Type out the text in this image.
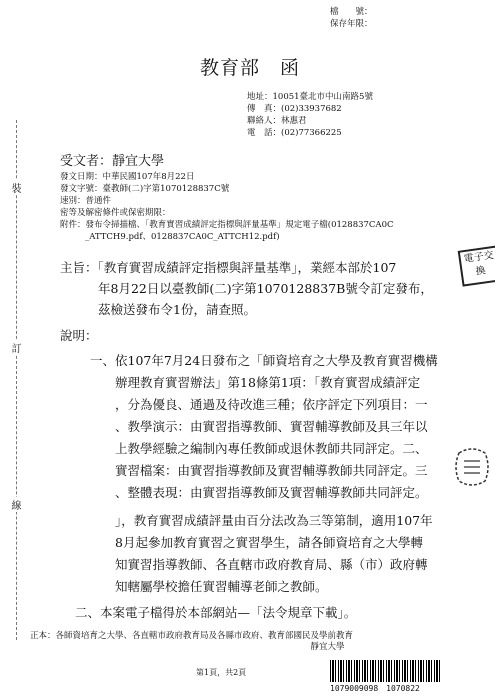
裝
訂
線
檔　　號：
保存年限：
教育部　函
地址：10051臺北市中山南路5號
傳　真：(02)33937682
聯絡人：林惠君
電　話：(02)77366225
受文者：靜宜大學
發文日期：中華民國107年8月22日
發文字號：臺教師(二)字第1070128837C號
速別：普通件
密等及解密條件或保密期限：
附件：發布令掃描檔、「教育實習成績評定指標與評量基準」規定電子檔(0128837CA0C
_ATTCH9.pdf、0128837CA0C_ATTCH12.pdf)
主旨：「教育實習成績評定指標與評量基準」，業經本部於107
年8月22日以臺教師(二)字第1070128837B號令訂定發布，
茲檢送發布令1份，請查照。
電子交換
說明：
一、依107年7月24日發布之「師資培育之大學及教育實習機構
辦理教育實習辦法」第18條第1項：「教育實習成績評定
，分為優良、通過及待改進三種；依序評定下列項目：一
、教學演示：由實習指導教師、實習輔導教師及具三年以
上教學經驗之編制內專任教師或退休教師共同評定。二、
實習檔案：由實習指導教師及實習輔導教師共同評定。三
、整體表現：由實習指導教師及實習輔導教師共同評定。
」，教育實習成績評量由百分法改為三等第制，適用107年
8月起參加教育實習之實習學生，請各師資培育之大學轉
知實習指導教師、各直轄市政府教育局、縣（市）政府轉
知轄屬學校擔任實習輔導老師之教師。
二、本案電子檔得於本部網站—「法令規章下載」。
正本：各師資培育之大學、各直轄市政府教育局及各縣市政府、教育部國民及學前教育
　　　靜宜大學
第1頁，共2頁
1079009098　1070822
